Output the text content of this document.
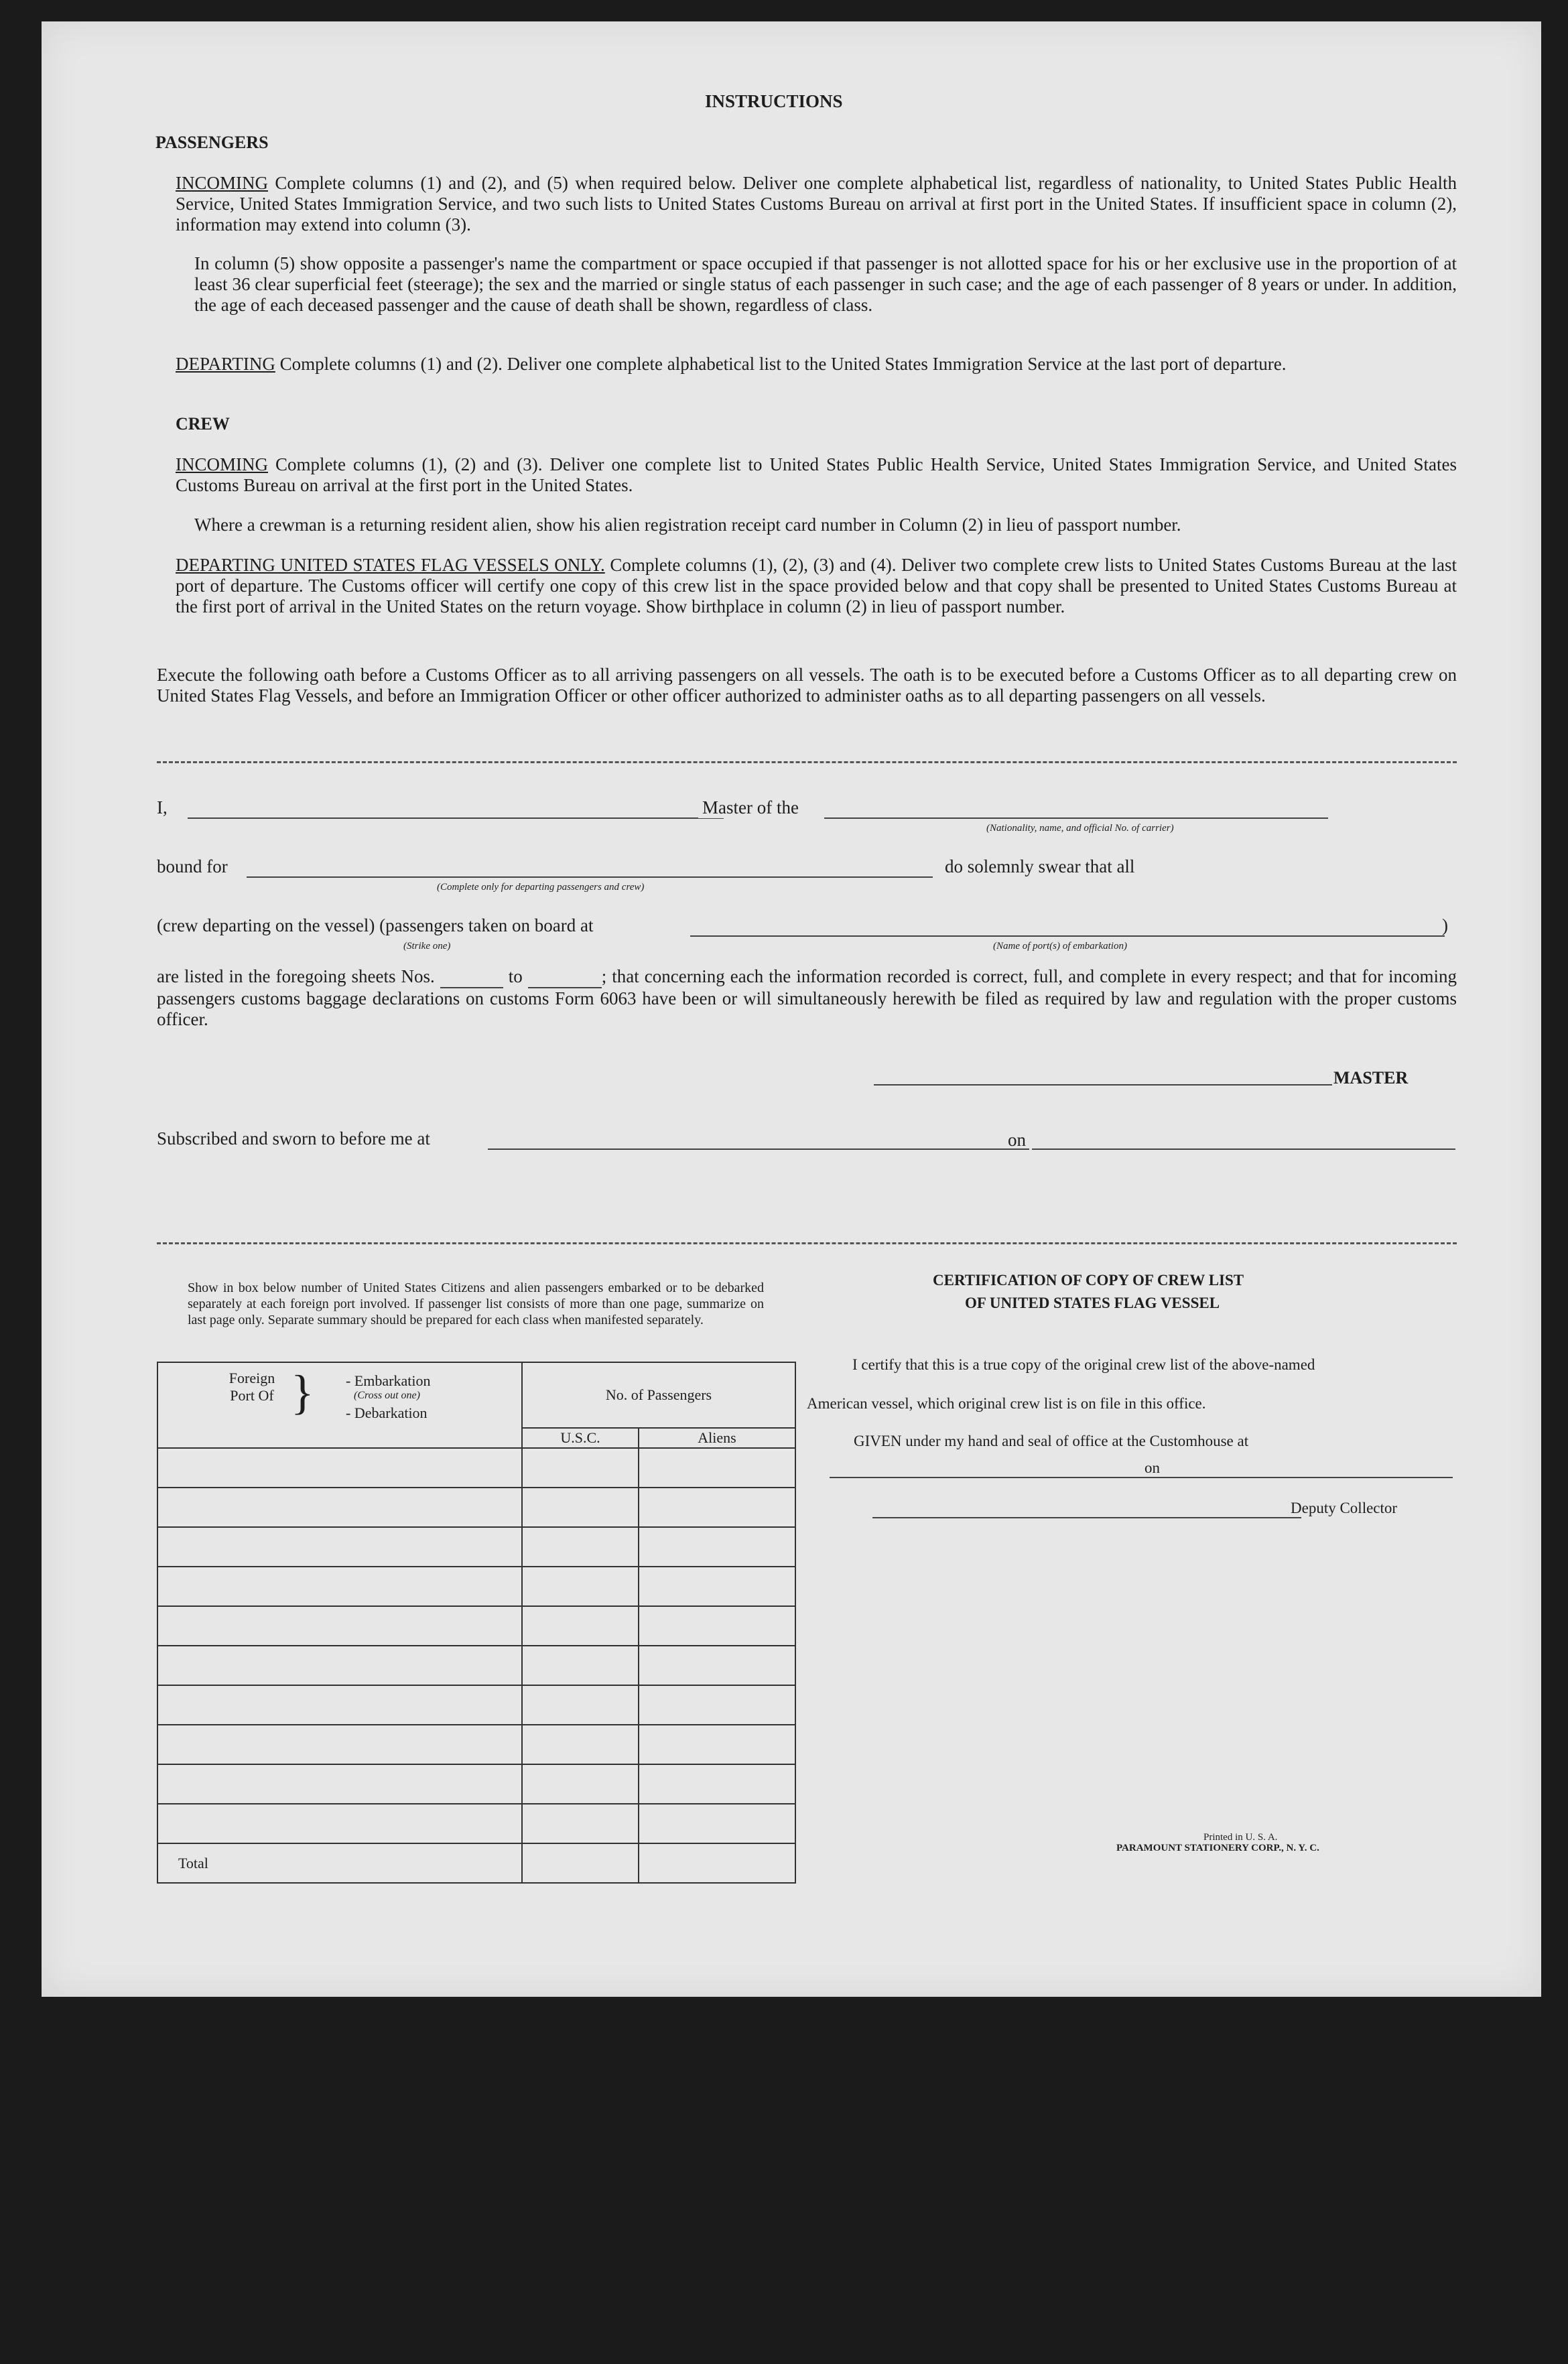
INSTRUCTIONS
PASSENGERS
INCOMING Complete columns (1) and (2), and (5) when required below. Deliver one complete alphabetical list, regardless of nationality, to United States Public Health Service, United States Immigration Service, and two such lists to United States Customs Bureau on arrival at first port in the United States. If insufficient space in column (2), information may extend into column (3).
In column (5) show opposite a passenger's name the compartment or space occupied if that passenger is not allotted space for his or her exclusive use in the proportion of at least 36 clear superficial feet (steerage); the sex and the married or single status of each passenger in such case; and the age of each passenger of 8 years or under. In addition, the age of each deceased passenger and the cause of death shall be shown, regardless of class.
DEPARTING Complete columns (1) and (2). Deliver one complete alphabetical list to the United States Immigration Service at the last port of departure.
CREW
INCOMING Complete columns (1), (2) and (3). Deliver one complete list to United States Public Health Service, United States Immigration Service, and United States Customs Bureau on arrival at the first port in the United States.
Where a crewman is a returning resident alien, show his alien registration receipt card number in Column (2) in lieu of passport number.
DEPARTING UNITED STATES FLAG VESSELS ONLY. Complete columns (1), (2), (3) and (4). Deliver two complete crew lists to United States Customs Bureau at the last port of departure. The Customs officer will certify one copy of this crew list in the space provided below and that copy shall be presented to United States Customs Bureau at the first port of arrival in the United States on the return voyage. Show birthplace in column (2) in lieu of passport number.
Execute the following oath before a Customs Officer as to all arriving passengers on all vessels. The oath is to be executed before a Customs Officer as to all departing crew on United States Flag Vessels, and before an Immigration Officer or other officer authorized to administer oaths as to all departing passengers on all vessels.
I,	Master of the
(Nationality, name, and official No. of carrier)
bound for
(Complete only for departing passengers and crew)
do solemnly swear that all
(crew departing on the vessel) (passengers taken on board at
(Strike one)	(Name of port(s) of embarkation)
)
are listed in the foregoing sheets Nos.	to	; that concerning each the information recorded is correct, full, and complete in every respect; and that for incoming passengers customs baggage declarations on customs Form 6063 have been or will simultaneously herewith be filed as required by law and regulation with the proper customs officer.
MASTER
Subscribed and sworn to before me at	on
Show in box below number of United States Citizens and alien passengers embarked or to be debarked separately at each foreign port involved. If passenger list consists of more than one page, summarize on last page only. Separate summary should be prepared for each class when manifested separately.
Foreign Port Of } - Embarkation
(Cross out one)
- Debarkation	No. of Passengers	
	U.S.C.	Aliens

Total		
CERTIFICATION OF COPY OF CREW LIST
OF UNITED STATES FLAG VESSEL
I certify that this is a true copy of the original crew list of the above-named
American vessel, which original crew list is on file in this office.
GIVEN under my hand and seal of office at the Customhouse at
on
Deputy Collector
Printed in U. S. A.
PARAMOUNT STATIONERY CORP., N. Y. C.
